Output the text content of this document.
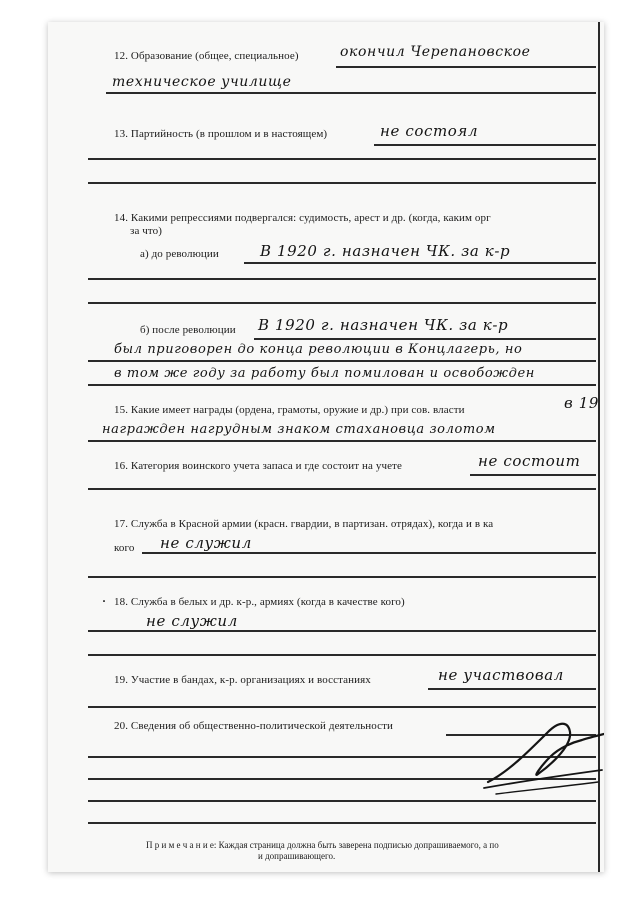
12. Образование (общее, специальное)	окончил Черепановское
техническое училище
13. Партийность (в прошлом и в настоящем)	не состоял
14. Какими репрессиями подвергался: судимость, арест и др. (когда, каким орг
за что)
а) до революции	В 1920 г. назначен ЧК. за к-р
б) после революции В 1920 г. назначен ЧК. за к-р
был приговорен до конца революции в Концлагерь, но
в том же году за работу был помилован и освобожден
15. Какие имеет награды (ордена, грамоты, оружие и др.) при сов. власти	в 19
награжден нагрудным знаком стахановца золотом
16. Категория воинского учета запаса и где состоит на учете	не состоит
17. Служба в Красной армии (красн. гвардии, в партизан. отрядах), когда и в ка
кого не служил
· 18. Служба в белых и др. к-р., армиях (когда в качестве кого)
не служил
19. Участие в бандах, к-р. организациях и восстаниях	не участвовал
20. Сведения об общественно-политической деятельности
П р и м е ч а н и е: Каждая страница должна быть заверена подписью допрашиваемого, а по
и допрашивающего.
